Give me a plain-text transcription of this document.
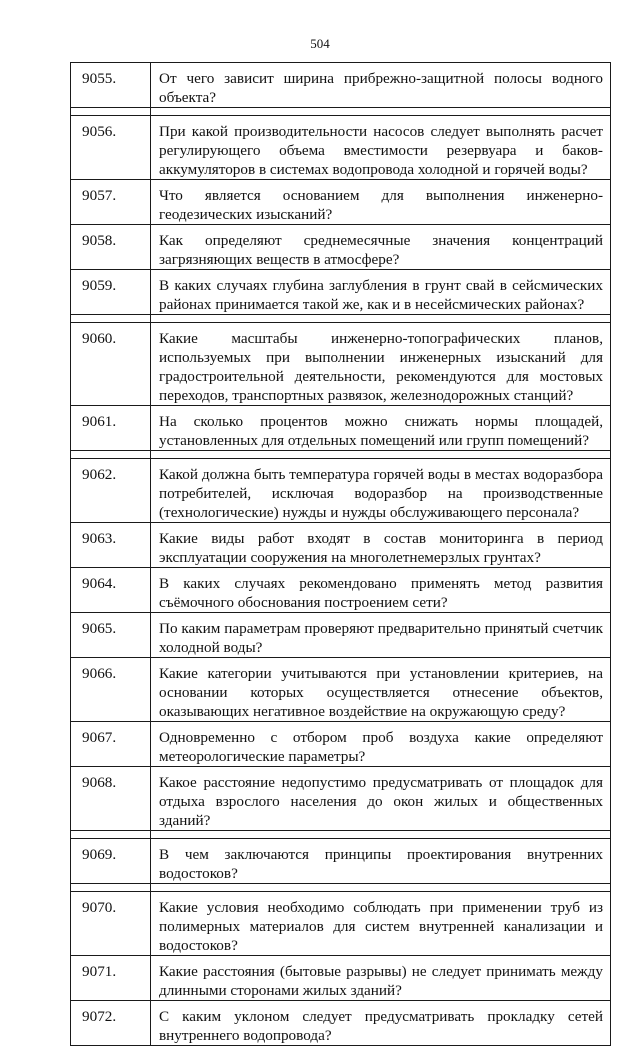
504
9055.	От чего зависит ширина прибрежно-защитной полосы водного объекта?

9056.	При какой производительности насосов следует выполнять расчет регулирующего объема вместимости резервуара и баков-аккумуляторов в системах водопровода холодной и горячей воды?
9057.	Что является основанием для выполнения инженерно-геодезических изысканий?
9058.	Как определяют среднемесячные значения концентраций загрязняющих веществ в атмосфере?
9059.	В каких случаях глубина заглубления в грунт свай в сейсмических районах принимается такой же, как и в несейсмических районах?

9060.	Какие масштабы инженерно-топографических планов, используемых при выполнении инженерных изысканий для градостроительной деятельности, рекомендуются для мостовых переходов, транспортных развязок, железнодорожных станций?
9061.	На сколько процентов можно снижать нормы площадей, установленных для отдельных помещений или групп помещений?

9062.	Какой должна быть температура горячей воды в местах водоразбора потребителей, исключая водоразбор на производственные (технологические) нужды и нужды обслуживающего персонала?
9063.	Какие виды работ входят в состав мониторинга в период эксплуатации сооружения на многолетнемерзлых грунтах?
9064.	В каких случаях рекомендовано применять метод развития съёмочного обоснования построением сети?
9065.	По каким параметрам проверяют предварительно принятый счетчик холодной воды?
9066.	Какие категории учитываются при установлении критериев, на основании которых осуществляется отнесение объектов, оказывающих негативное воздействие на окружающую среду?
9067.	Одновременно с отбором проб воздуха какие определяют метеорологические параметры?
9068.	Какое расстояние недопустимо предусматривать от площадок для отдыха взрослого населения до окон жилых и общественных зданий?

9069.	В чем заключаются принципы проектирования внутренних водостоков?

9070.	Какие условия необходимо соблюдать при применении труб из полимерных материалов для систем внутренней канализации и водостоков?
9071.	Какие расстояния (бытовые разрывы) не следует принимать между длинными сторонами жилых зданий?
9072.	С каким уклоном следует предусматривать прокладку сетей внутреннего водопровода?
